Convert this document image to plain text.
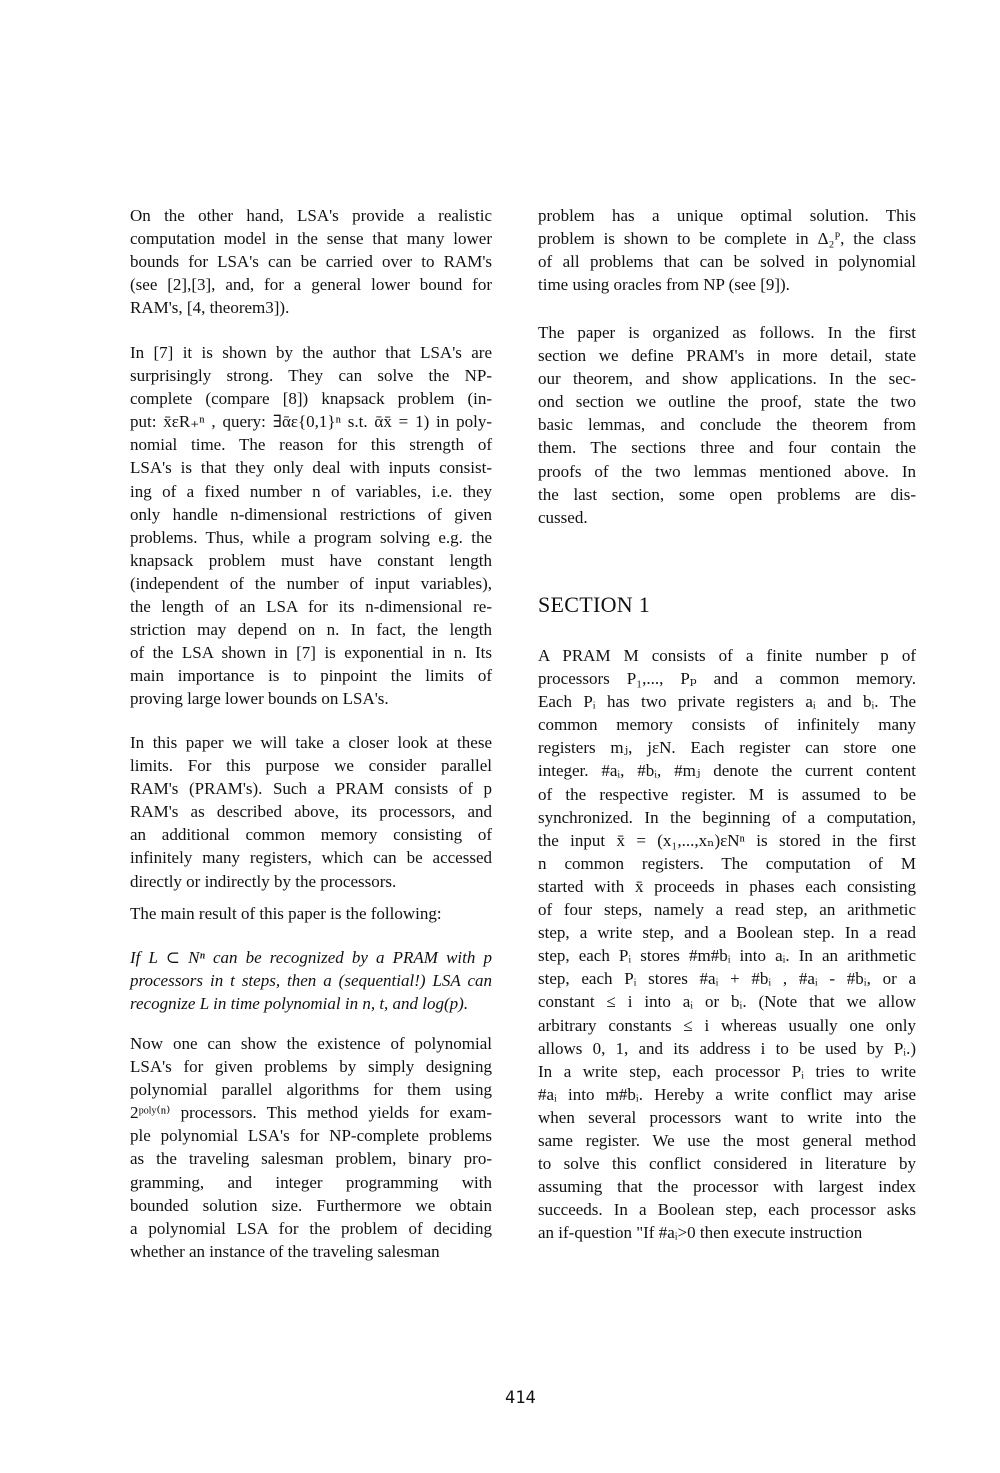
On the other hand, LSA's provide a realistic
computation model in the sense that many lower
bounds for LSA's can be carried over to RAM's
(see [2],[3], and, for a general lower bound for
RAM's, [4, theorem3]).
In [7] it is shown by the author that LSA's are
surprisingly strong. They can solve the NP-
complete (compare [8]) knapsack problem (in-
put: x̄εR₊ⁿ , query: ∃ᾱε{0,1}ⁿ s.t. ᾱx̄ = 1) in poly-
nomial time. The reason for this strength of
LSA's is that they only deal with inputs consist-
ing of a fixed number n of variables, i.e. they
only handle n-dimensional restrictions of given
problems. Thus, while a program solving e.g. the
knapsack problem must have constant length
(independent of the number of input variables),
the length of an LSA for its n-dimensional re-
striction may depend on n. In fact, the length
of the LSA shown in [7] is exponential in n. Its
main importance is to pinpoint the limits of
proving large lower bounds on LSA's.
In this paper we will take a closer look at these
limits. For this purpose we consider parallel
RAM's (PRAM's). Such a PRAM consists of p
RAM's as described above, its processors, and
an additional common memory consisting of
infinitely many registers, which can be accessed
directly or indirectly by the processors.
The main result of this paper is the following:
If L ⊂ Nⁿ can be recognized by a PRAM with p
processors in t steps, then a (sequential!) LSA can
recognize L in time polynomial in n, t, and log(p).
Now one can show the existence of polynomial
LSA's for given problems by simply designing
polynomial parallel algorithms for them using
2ᵖᵒˡʸ⁽ⁿ⁾ processors. This method yields for exam-
ple polynomial LSA's for NP-complete problems
as the traveling salesman problem, binary pro-
gramming, and integer programming with
bounded solution size. Furthermore we obtain
a polynomial LSA for the problem of deciding
whether an instance of the traveling salesman
problem has a unique optimal solution. This
problem is shown to be complete in Δ₂ᴾ, the class
of all problems that can be solved in polynomial
time using oracles from NP (see [9]).
The paper is organized as follows. In the first
section we define PRAM's in more detail, state
our theorem, and show applications. In the sec-
ond section we outline the proof, state the two
basic lemmas, and conclude the theorem from
them. The sections three and four contain the
proofs of the two lemmas mentioned above. In
the last section, some open problems are dis-
cussed.
SECTION 1
A PRAM M consists of a finite number p of
processors P₁,..., Pₚ and a common memory.
Each Pᵢ has two private registers aᵢ and bᵢ. The
common memory consists of infinitely many
registers mⱼ, jεN. Each register can store one
integer. #aᵢ, #bᵢ, #mⱼ denote the current content
of the respective register. M is assumed to be
synchronized. In the beginning of a computation,
the input x̄ = (x₁,...,xₙ)εNⁿ is stored in the first
n common registers. The computation of M
started with x̄ proceeds in phases each consisting
of four steps, namely a read step, an arithmetic
step, a write step, and a Boolean step. In a read
step, each Pᵢ stores #m#bᵢ into aᵢ. In an arithmetic
step, each Pᵢ stores #aᵢ + #bᵢ , #aᵢ - #bᵢ, or a
constant ≤ i into aᵢ or bᵢ. (Note that we allow
arbitrary constants ≤ i whereas usually one only
allows 0, 1, and its address i to be used by Pᵢ.)
In a write step, each processor Pᵢ tries to write
#aᵢ into m#bᵢ. Hereby a write conflict may arise
when several processors want to write into the
same register. We use the most general method
to solve this conflict considered in literature by
assuming that the processor with largest index
succeeds. In a Boolean step, each processor asks
an if-question "If #aᵢ>0 then execute instruction
414
